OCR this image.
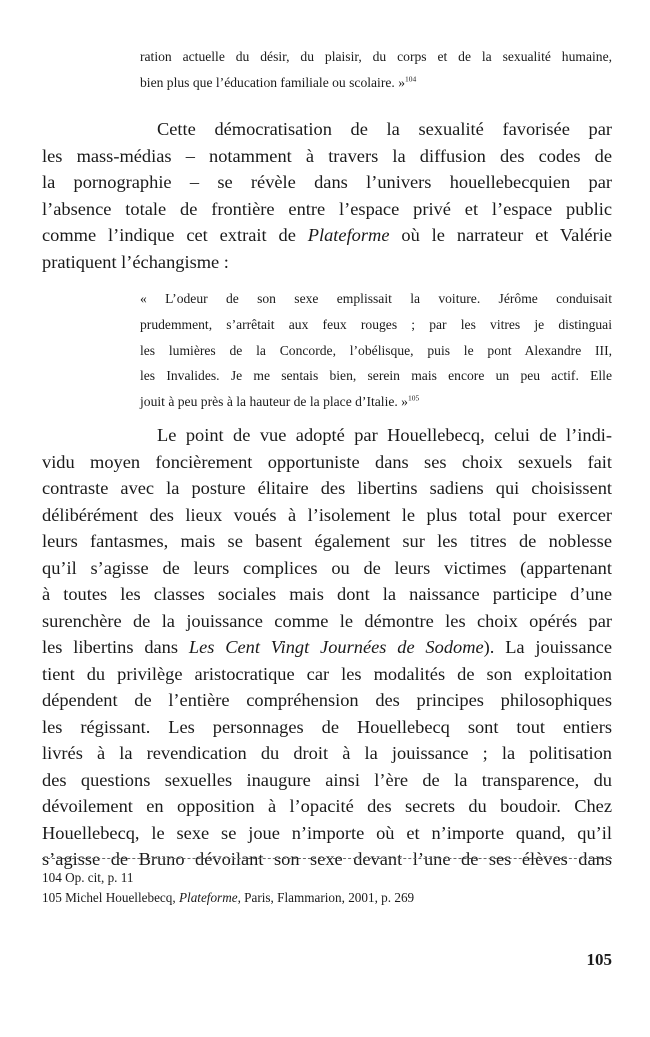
ration actuelle du désir, du plaisir, du corps et de la sexualité humaine,
bien plus que l’éducation familiale ou scolaire. »$^{104}$
Cette démocratisation de la sexualité favorisée par
les mass-médias – notamment à travers la diffusion des codes de
la pornographie – se révèle dans l’univers houellebecquien par
l’absence totale de frontière entre l’espace privé et l’espace public
comme l’indique cet extrait de Plateforme où le narrateur et Valérie
pratiquent l’échangisme :
« L’odeur de son sexe emplissait la voiture. Jérôme conduisait
prudemment, s’arrêtait aux feux rouges ; par les vitres je distinguai
les lumières de la Concorde, l’obélisque, puis le pont Alexandre III,
les Invalides. Je me sentais bien, serein mais encore un peu actif. Elle
jouit à peu près à la hauteur de la place d’Italie. »$^{105}$
Le point de vue adopté par Houellebecq, celui de l’indi-
vidu moyen foncièrement opportuniste dans ses choix sexuels fait
contraste avec la posture élitaire des libertins sadiens qui choisissent
délibérément des lieux voués à l’isolement le plus total pour exercer
leurs fantasmes, mais se basent également sur les titres de noblesse
qu’il s’agisse de leurs complices ou de leurs victimes (appartenant
à toutes les classes sociales mais dont la naissance participe d’une
surenchère de la jouissance comme le démontre les choix opérés par
les libertins dans Les Cent Vingt Journées de Sodome). La jouissance
tient du privilège aristocratique car les modalités de son exploitation
dépendent de l’entière compréhension des principes philosophiques
les régissant. Les personnages de Houellebecq sont tout entiers
livrés à la revendication du droit à la jouissance ; la politisation
des questions sexuelles inaugure ainsi l’ère de la transparence, du
dévoilement en opposition à l’opacité des secrets du boudoir. Chez
Houellebecq, le sexe se joue n’importe où et n’importe quand, qu’il
s’agisse de Bruno dévoilant son sexe devant l’une de ses élèves dans
104 Op. cit, p. 11
105 Michel Houellebecq, Plateforme, Paris, Flammarion, 2001, p. 269
105
